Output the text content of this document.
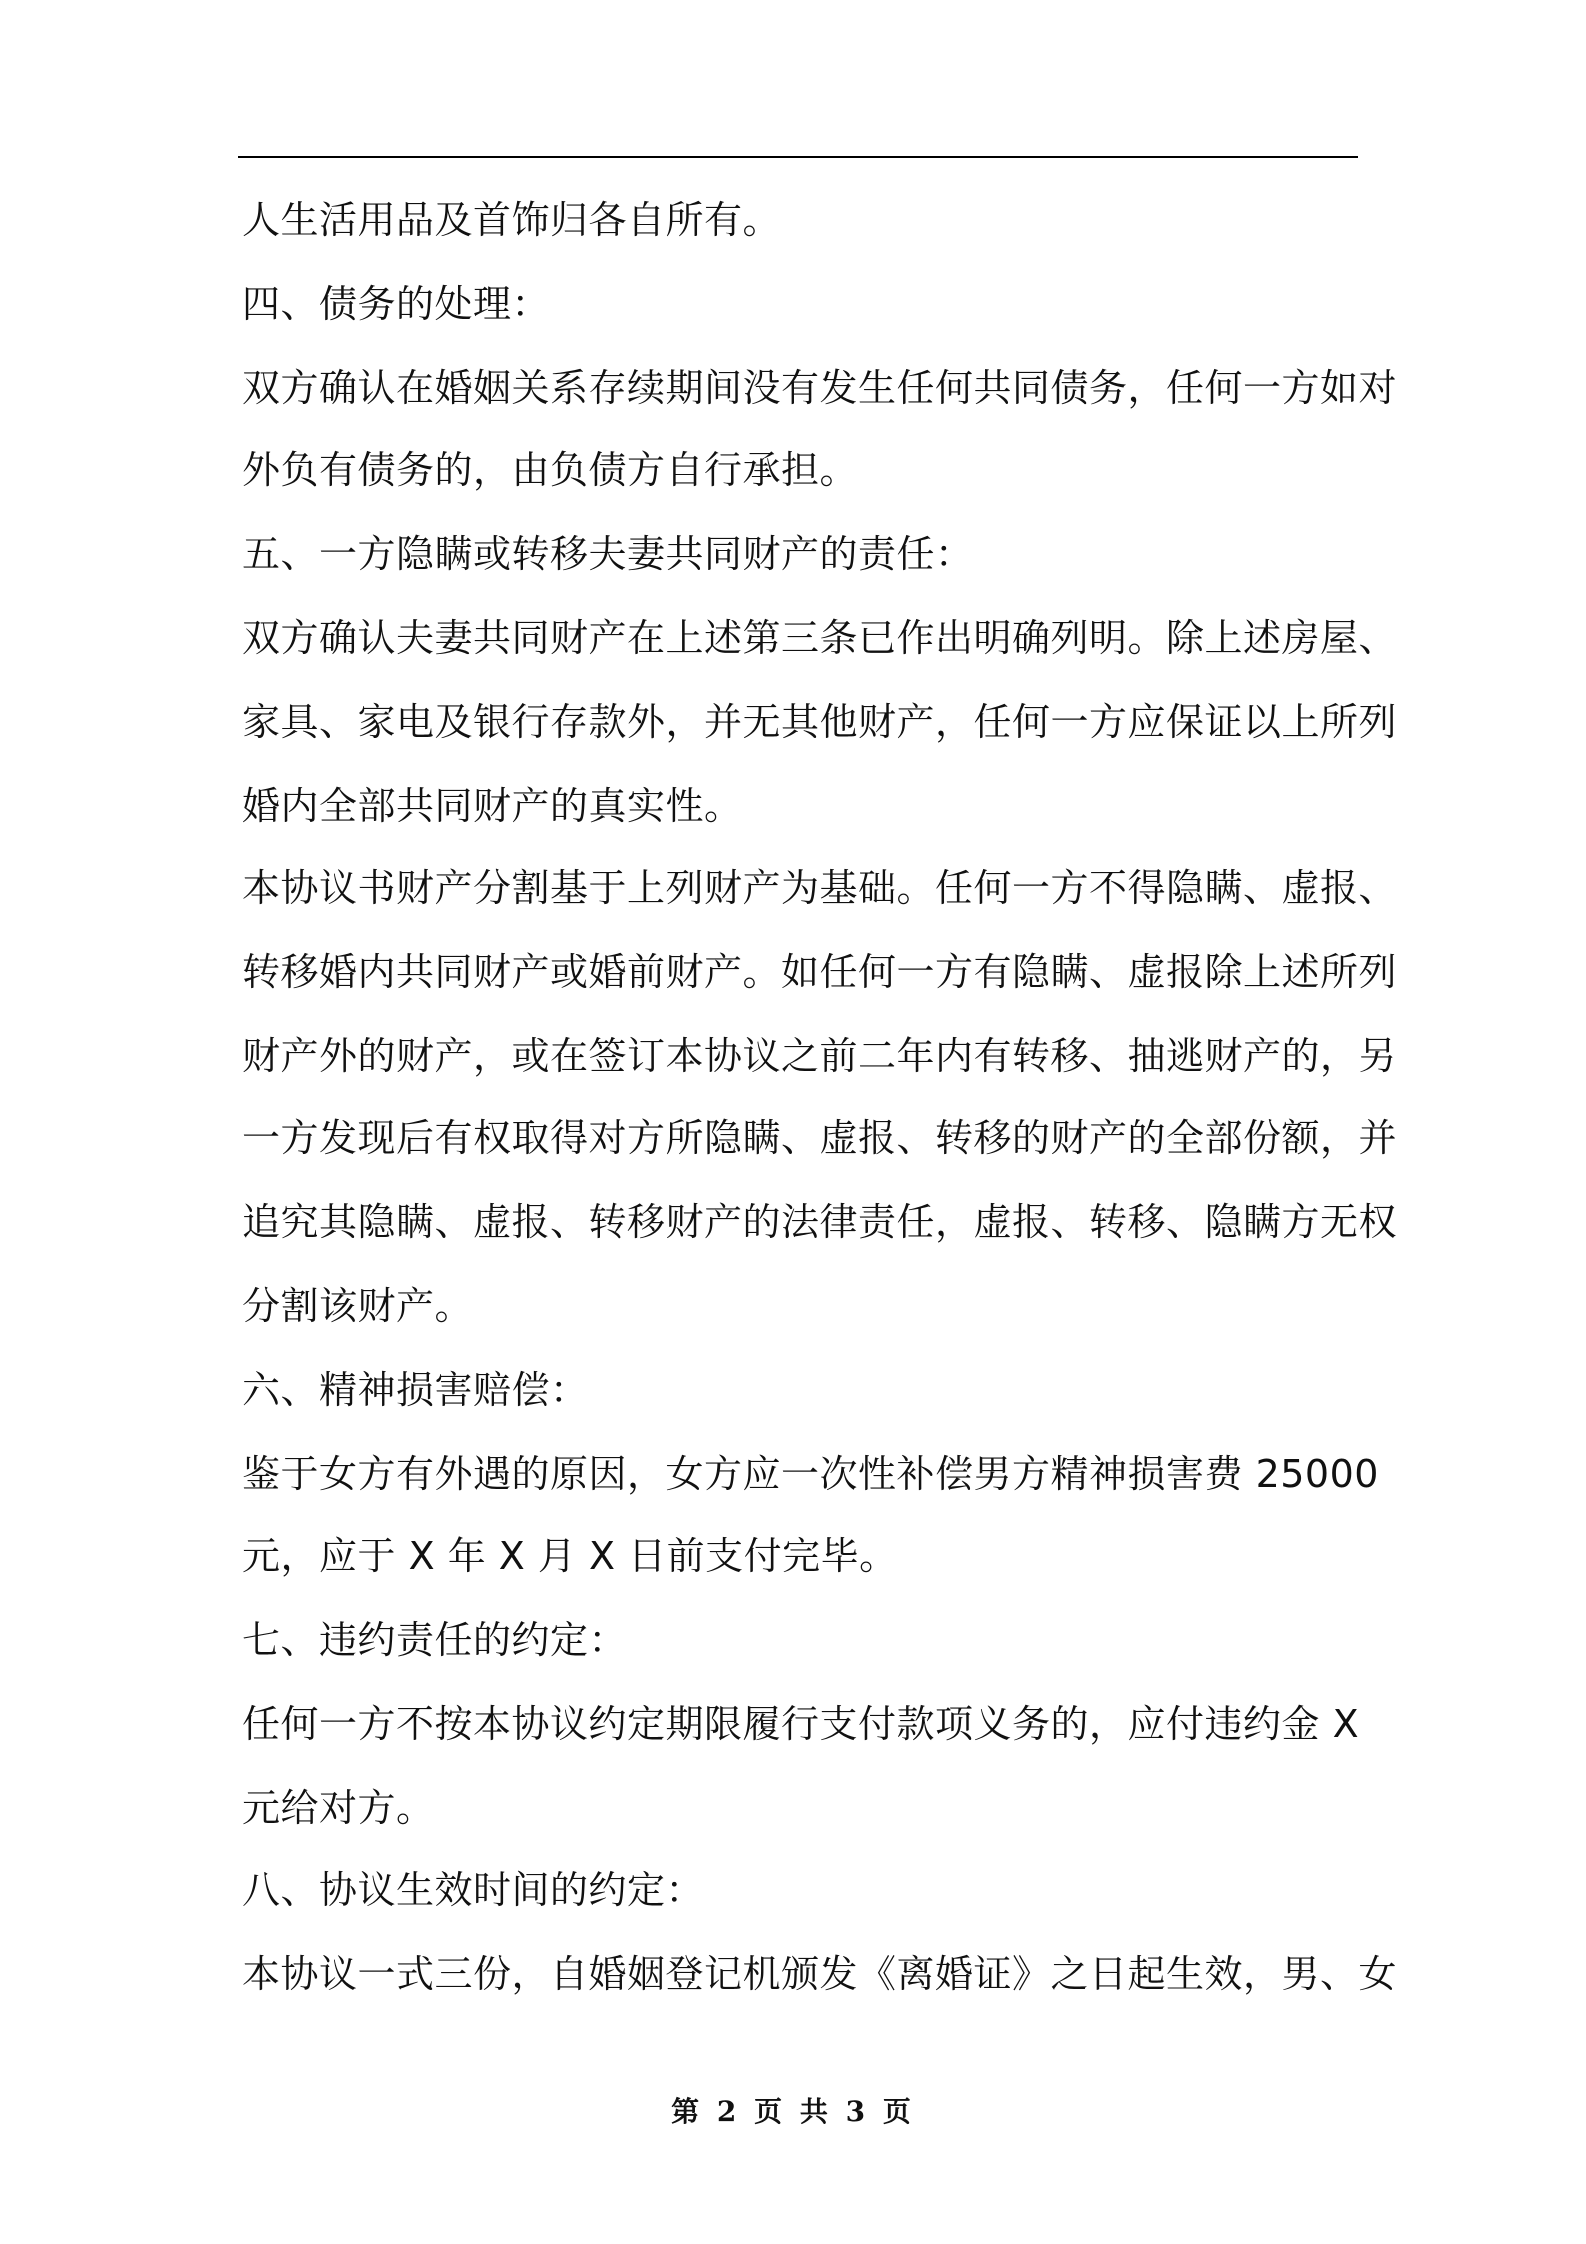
人生活用品及首饰归各自所有。
四、债务的处理：
双方确认在婚姻关系存续期间没有发生任何共同债务，任何一方如对
外负有债务的，由负债方自行承担。
五、一方隐瞒或转移夫妻共同财产的责任：
双方确认夫妻共同财产在上述第三条已作出明确列明。除上述房屋、
家具、家电及银行存款外，并无其他财产，任何一方应保证以上所列
婚内全部共同财产的真实性。
本协议书财产分割基于上列财产为基础。任何一方不得隐瞒、虚报、
转移婚内共同财产或婚前财产。如任何一方有隐瞒、虚报除上述所列
财产外的财产，或在签订本协议之前二年内有转移、抽逃财产的，另
一方发现后有权取得对方所隐瞒、虚报、转移的财产的全部份额，并
追究其隐瞒、虚报、转移财产的法律责任，虚报、转移、隐瞒方无权
分割该财产。
六、精神损害赔偿：
鉴于女方有外遇的原因，女方应一次性补偿男方精神损害费 25000
元，应于 X 年 X 月 X 日前支付完毕。
七、违约责任的约定：
任何一方不按本协议约定期限履行支付款项义务的，应付违约金 X
元给对方。
八、协议生效时间的约定：
本协议一式三份，自婚姻登记机颁发《离婚证》之日起生效，男、女
第 2 页 共 3 页
